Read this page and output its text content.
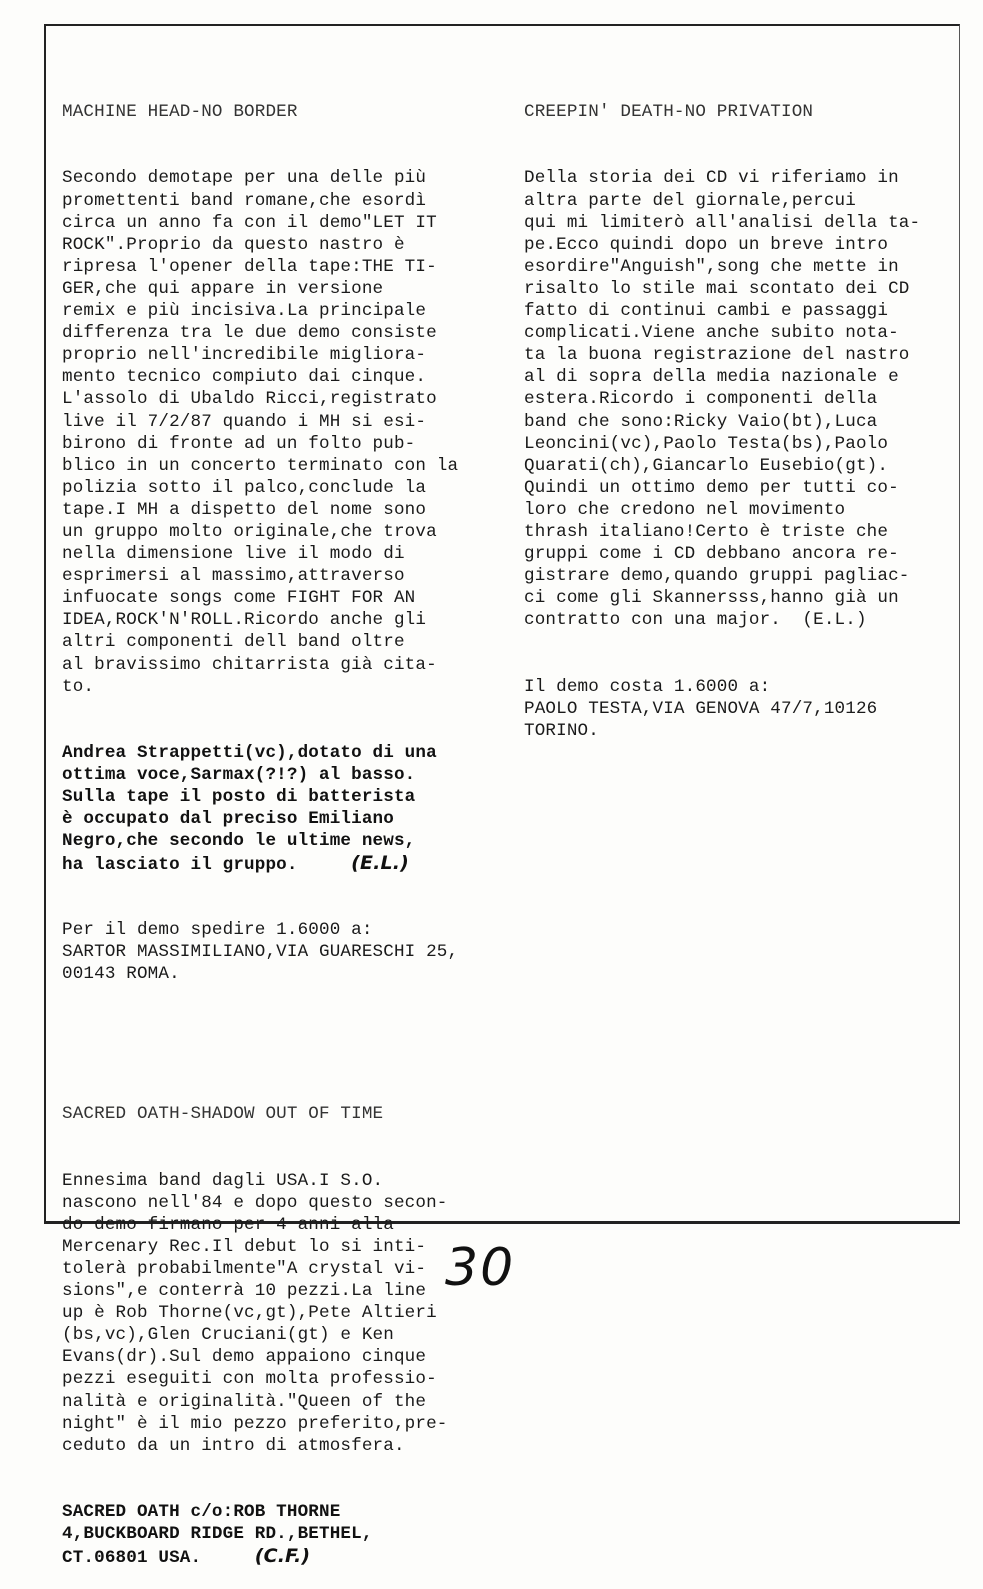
MACHINE HEAD-NO BORDER

Secondo demotape per una delle più
promettenti band romane,che esordì
circa un anno fa con il demo"LET IT
ROCK".Proprio da questo nastro è
ripresa l'opener della tape:THE TI-
GER,che qui appare in versione
remix e più incisiva.La principale
differenza tra le due demo consiste
proprio nell'incredibile migliora-
mento tecnico compiuto dai cinque.
L'assolo di Ubaldo Ricci,registrato
live il 7/2/87 quando i MH si esi-
birono di fronte ad un folto pub-
blico in un concerto terminato con la
polizia sotto il palco,conclude la
tape.I MH a dispetto del nome sono
un gruppo molto originale,che trova
nella dimensione live il modo di
esprimersi al massimo,attraverso
infuocate songs come FIGHT FOR AN
IDEA,ROCK'N'ROLL.Ricordo anche gli
altri componenti dell band oltre
al bravissimo chitarrista già cita-
to.

Andrea Strappetti(vc),dotato di una
ottima voce,Sarmax(?!?) al basso.
Sulla tape il posto di batterista
è occupato dal preciso Emiliano
Negro,che secondo le ultime news,
ha lasciato il gruppo.	(E.L.)

Per il demo spedire 1.6000 a:
SARTOR MASSIMILIANO,VIA GUARESCHI 25,
00143 ROMA.

SACRED OATH-SHADOW OUT OF TIME

Ennesima band dagli USA.I S.O.
nascono nell'84 e dopo questo secon-
do demo firmano per 4 anni alla
Mercenary Rec.Il debut lo si inti-
tolerà probabilmente"A crystal vi-
sions",e conterrà 10 pezzi.La line
up è Rob Thorne(vc,gt),Pete Altieri
(bs,vc),Glen Cruciani(gt) e Ken
Evans(dr).Sul demo appaiono cinque
pezzi eseguiti con molta professio-
nalità e originalità."Queen of the
night" è il mio pezzo preferito,pre-
ceduto da un intro di atmosfera.

SACRED OATH c/o:ROB THORNE
4,BUCKBOARD RIDGE RD.,BETHEL,
CT.06801 USA.	(C.F.)

CREEPIN' DEATH-NO PRIVATION

Della storia dei CD vi riferiamo in
altra parte del giornale,percui
qui mi limiterò all'analisi della ta-
pe.Ecco quindi dopo un breve intro
esordire"Anguish",song che mette in
risalto lo stile mai scontato dei CD
fatto di continui cambi e passaggi
complicati.Viene anche subito nota-
ta la buona registrazione del nastro
al di sopra della media nazionale e
estera.Ricordo i componenti della
band che sono:Ricky Vaio(bt),Luca
Leoncini(vc),Paolo Testa(bs),Paolo
Quarati(ch),Giancarlo Eusebio(gt).
Quindi un ottimo demo per tutti co-
loro che credono nel movimento
thrash italiano!Certo è triste che
gruppi come i CD debbano ancora re-
gistrare demo,quando gruppi pagliac-
ci come gli Skannersss,hanno già un
contratto con una major.  (E.L.)

Il demo costa 1.6000 a:
PAOLO TESTA,VIA GENOVA 47/7,10126
TORINO.

30
